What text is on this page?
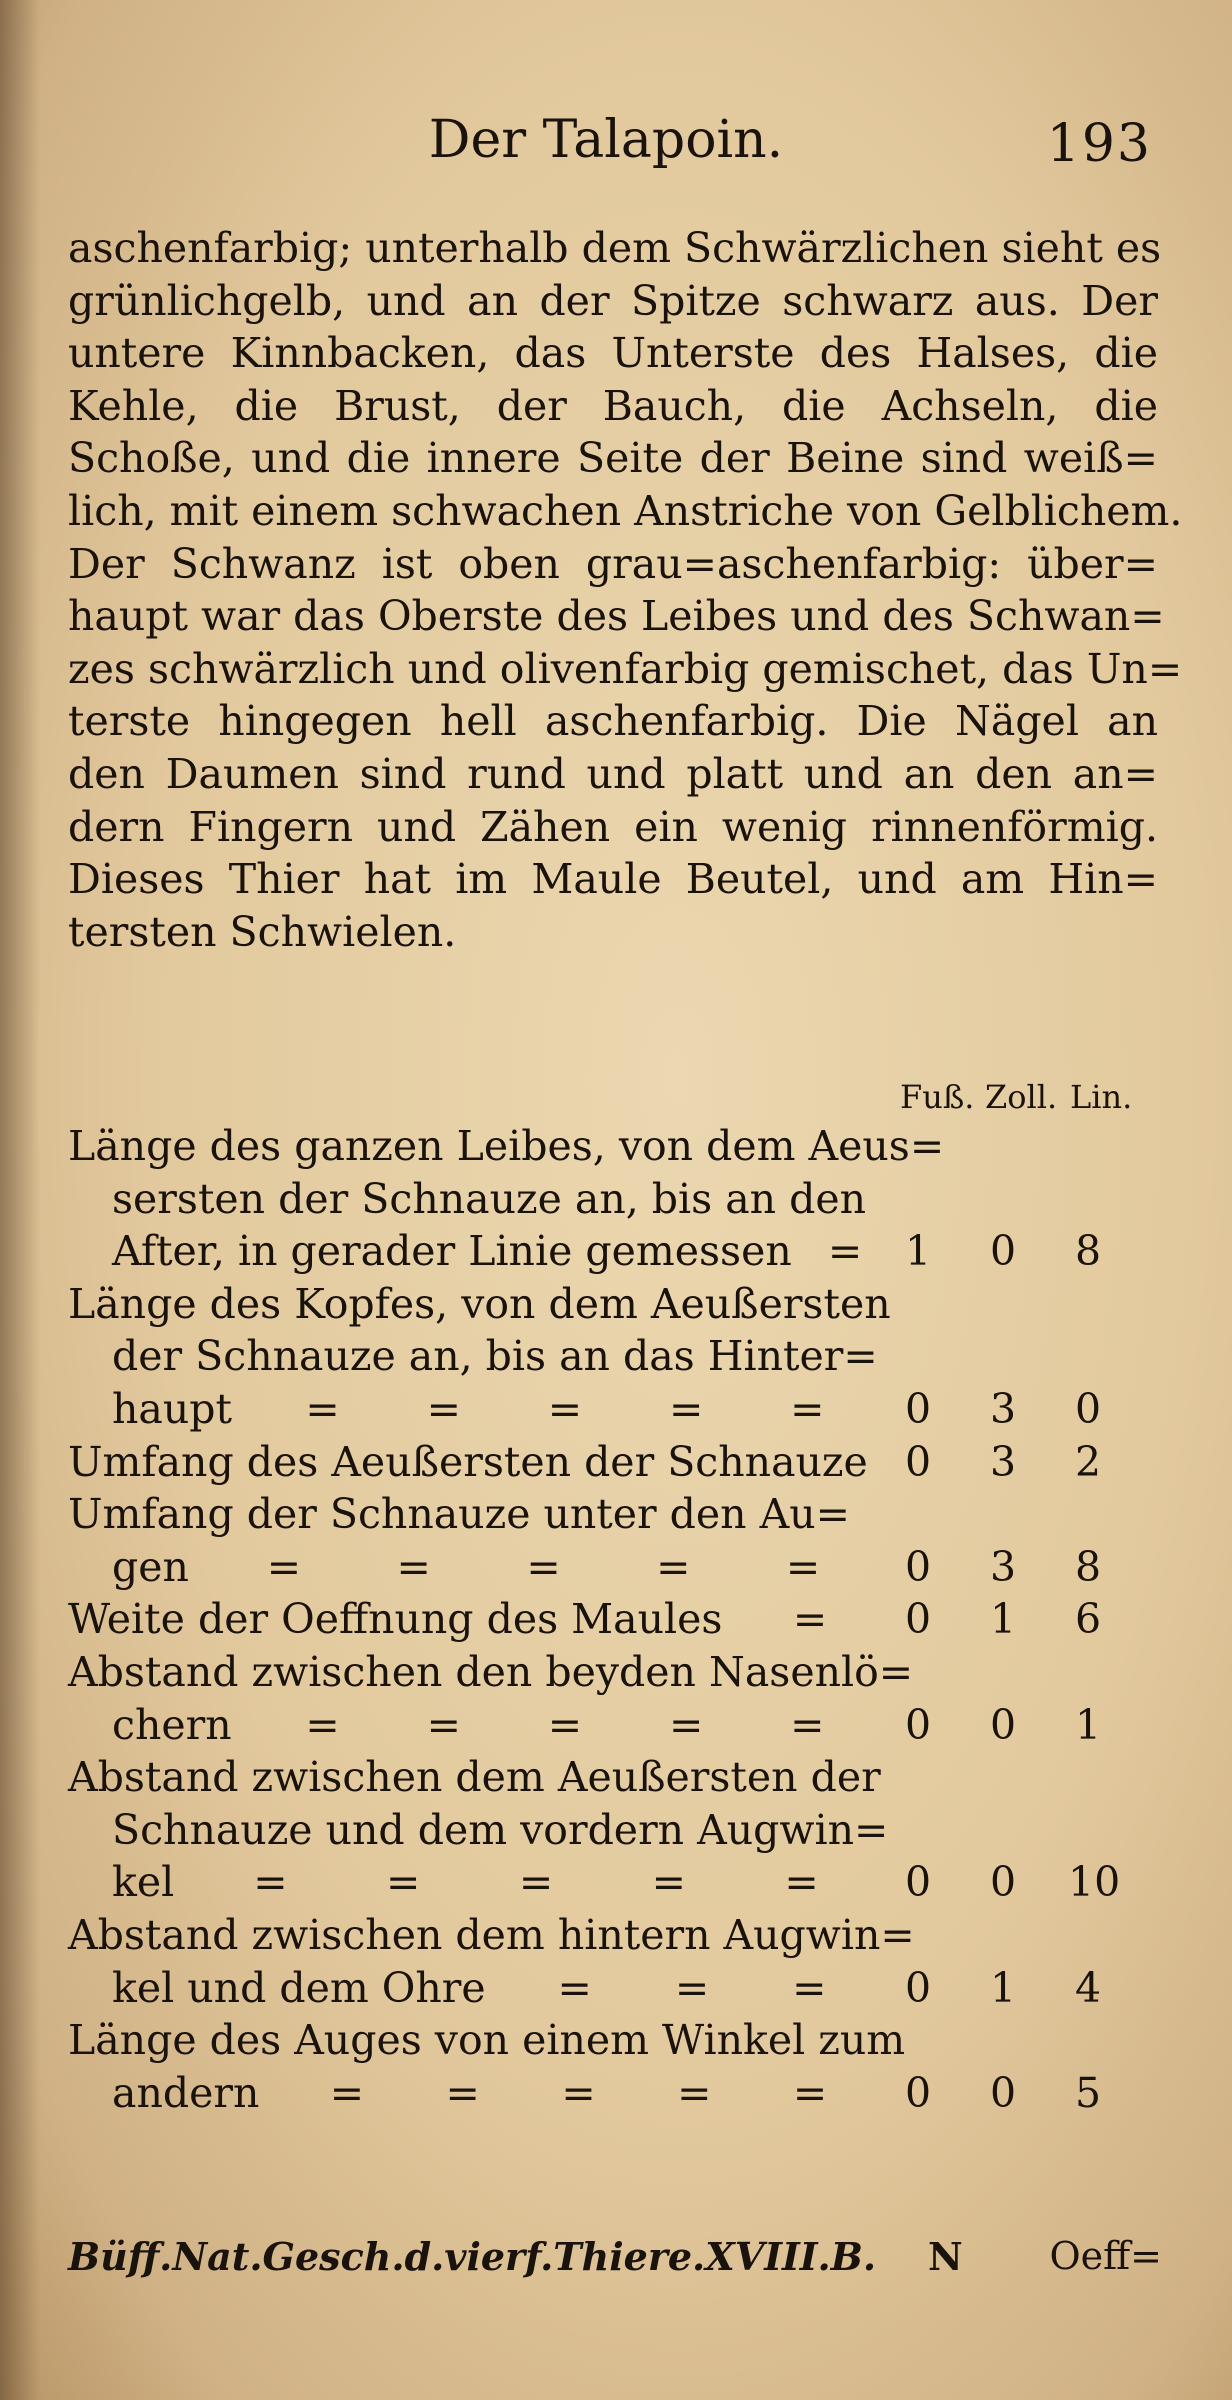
Der Talapoin.	193
aschenfarbig; unterhalb dem Schwärzlichen sieht es
grünlichgelb, und an der Spitze schwarz aus. Der
untere Kinnbacken, das Unterste des Halses, die
Kehle, die Brust, der Bauch, die Achseln, die
Schoße, und die innere Seite der Beine sind weiß=
lich, mit einem schwachen Anstriche von Gelblichem.
Der Schwanz ist oben grau=aschenfarbig: über=
haupt war das Oberste des Leibes und des Schwan=
zes schwärzlich und olivenfarbig gemischet, das Un=
terste hingegen hell aschenfarbig. Die Nägel an
den Daumen sind rund und platt und an den an=
dern Fingern und Zähen ein wenig rinnenförmig.
Dieses Thier hat im Maule Beutel, und am Hin=
tersten Schwielen.
Fuß. Zoll. Lin.
Länge des ganzen Leibes, von dem Aeus=
sersten der Schnauze an, bis an den
After, in gerader Linie gemessen = 1 0 8
Länge des Kopfes, von dem Aeußersten
der Schnauze an, bis an das Hinter=
haupt = = = = = 0 3 0
Umfang des Aeußersten der Schnauze 0 3 2
Umfang der Schnauze unter den Au=
gen = = = = = 0 3 8
Weite der Oeffnung des Maules = 0 1 6
Abstand zwischen den beyden Nasenlö=
chern = = = = = 0 0 1
Abstand zwischen dem Aeußersten der
Schnauze und dem vordern Augwin=
kel = = = = = 0 0 10
Abstand zwischen dem hintern Augwin=
kel und dem Ohre = = = 0 1 4
Länge des Auges von einem Winkel zum
andern = = = = = 0 0 5
Büff.Nat.Gesch.d.vierf.Thiere.XVIII.B. N Oeff=
